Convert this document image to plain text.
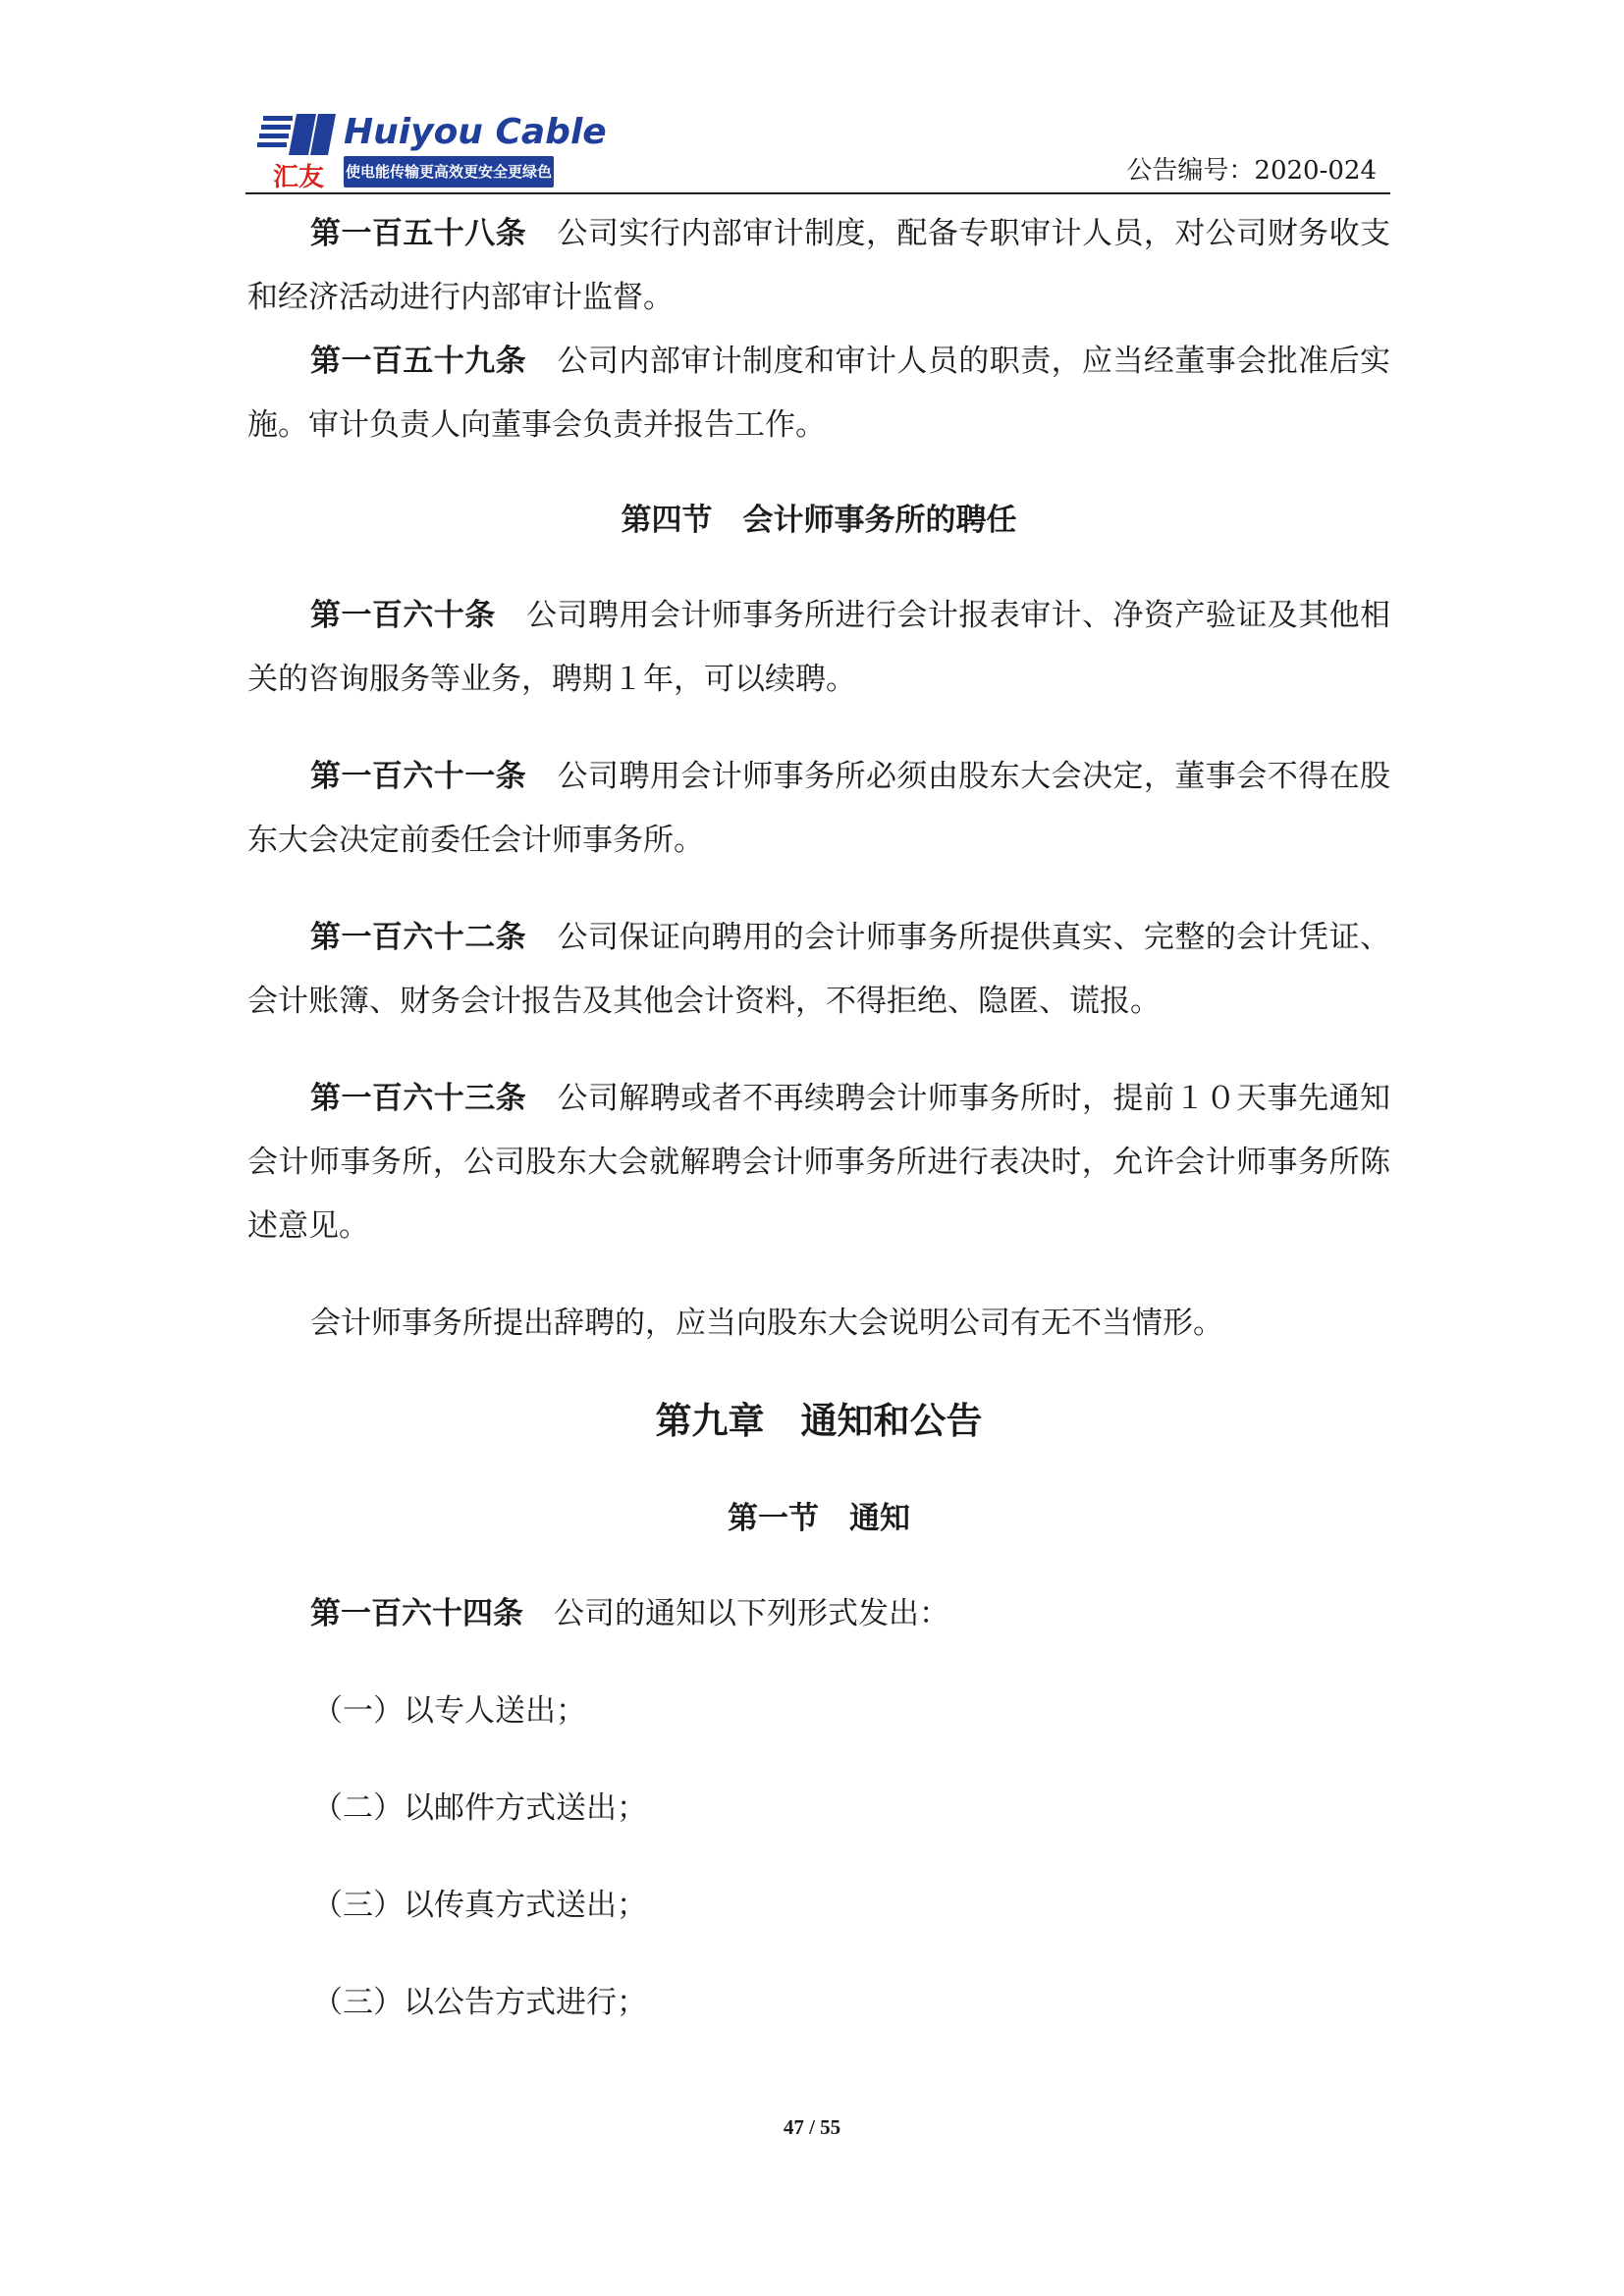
汇友
Huiyou Cable
使电能传输更高效更安全更绿色	公告编号：2020-024

第一百五十八条　 公司实行内部审计制度，配备专职审计人员，对公司财务收支和经济活动进行内部审计监督。

第一百五十九条　 公司内部审计制度和审计人员的职责，应当经董事会批准后实施。审计负责人向董事会负责并报告工作。

第四节　会计师事务所的聘任

第一百六十条　 公司聘用会计师事务所进行会计报表审计、净资产验证及其他相关的咨询服务等业务，聘期１年，可以续聘。

第一百六十一条　 公司聘用会计师事务所必须由股东大会决定，董事会不得在股东大会决定前委任会计师事务所。

第一百六十二条　 公司保证向聘用的会计师事务所提供真实、完整的会计凭证、会计账簿、财务会计报告及其他会计资料，不得拒绝、隐匿、谎报。

第一百六十三条　 公司解聘或者不再续聘会计师事务所时，提前１０天事先通知会计师事务所，公司股东大会就解聘会计师事务所进行表决时，允许会计师事务所陈述意见。

会计师事务所提出辞聘的，应当向股东大会说明公司有无不当情形。

第九章　通知和公告

第一节　通知

第一百六十四条　 公司的通知以下列形式发出：

（一）以专人送出；

（二）以邮件方式送出；

（三）以传真方式送出；

（三）以公告方式进行；

47 / 55
